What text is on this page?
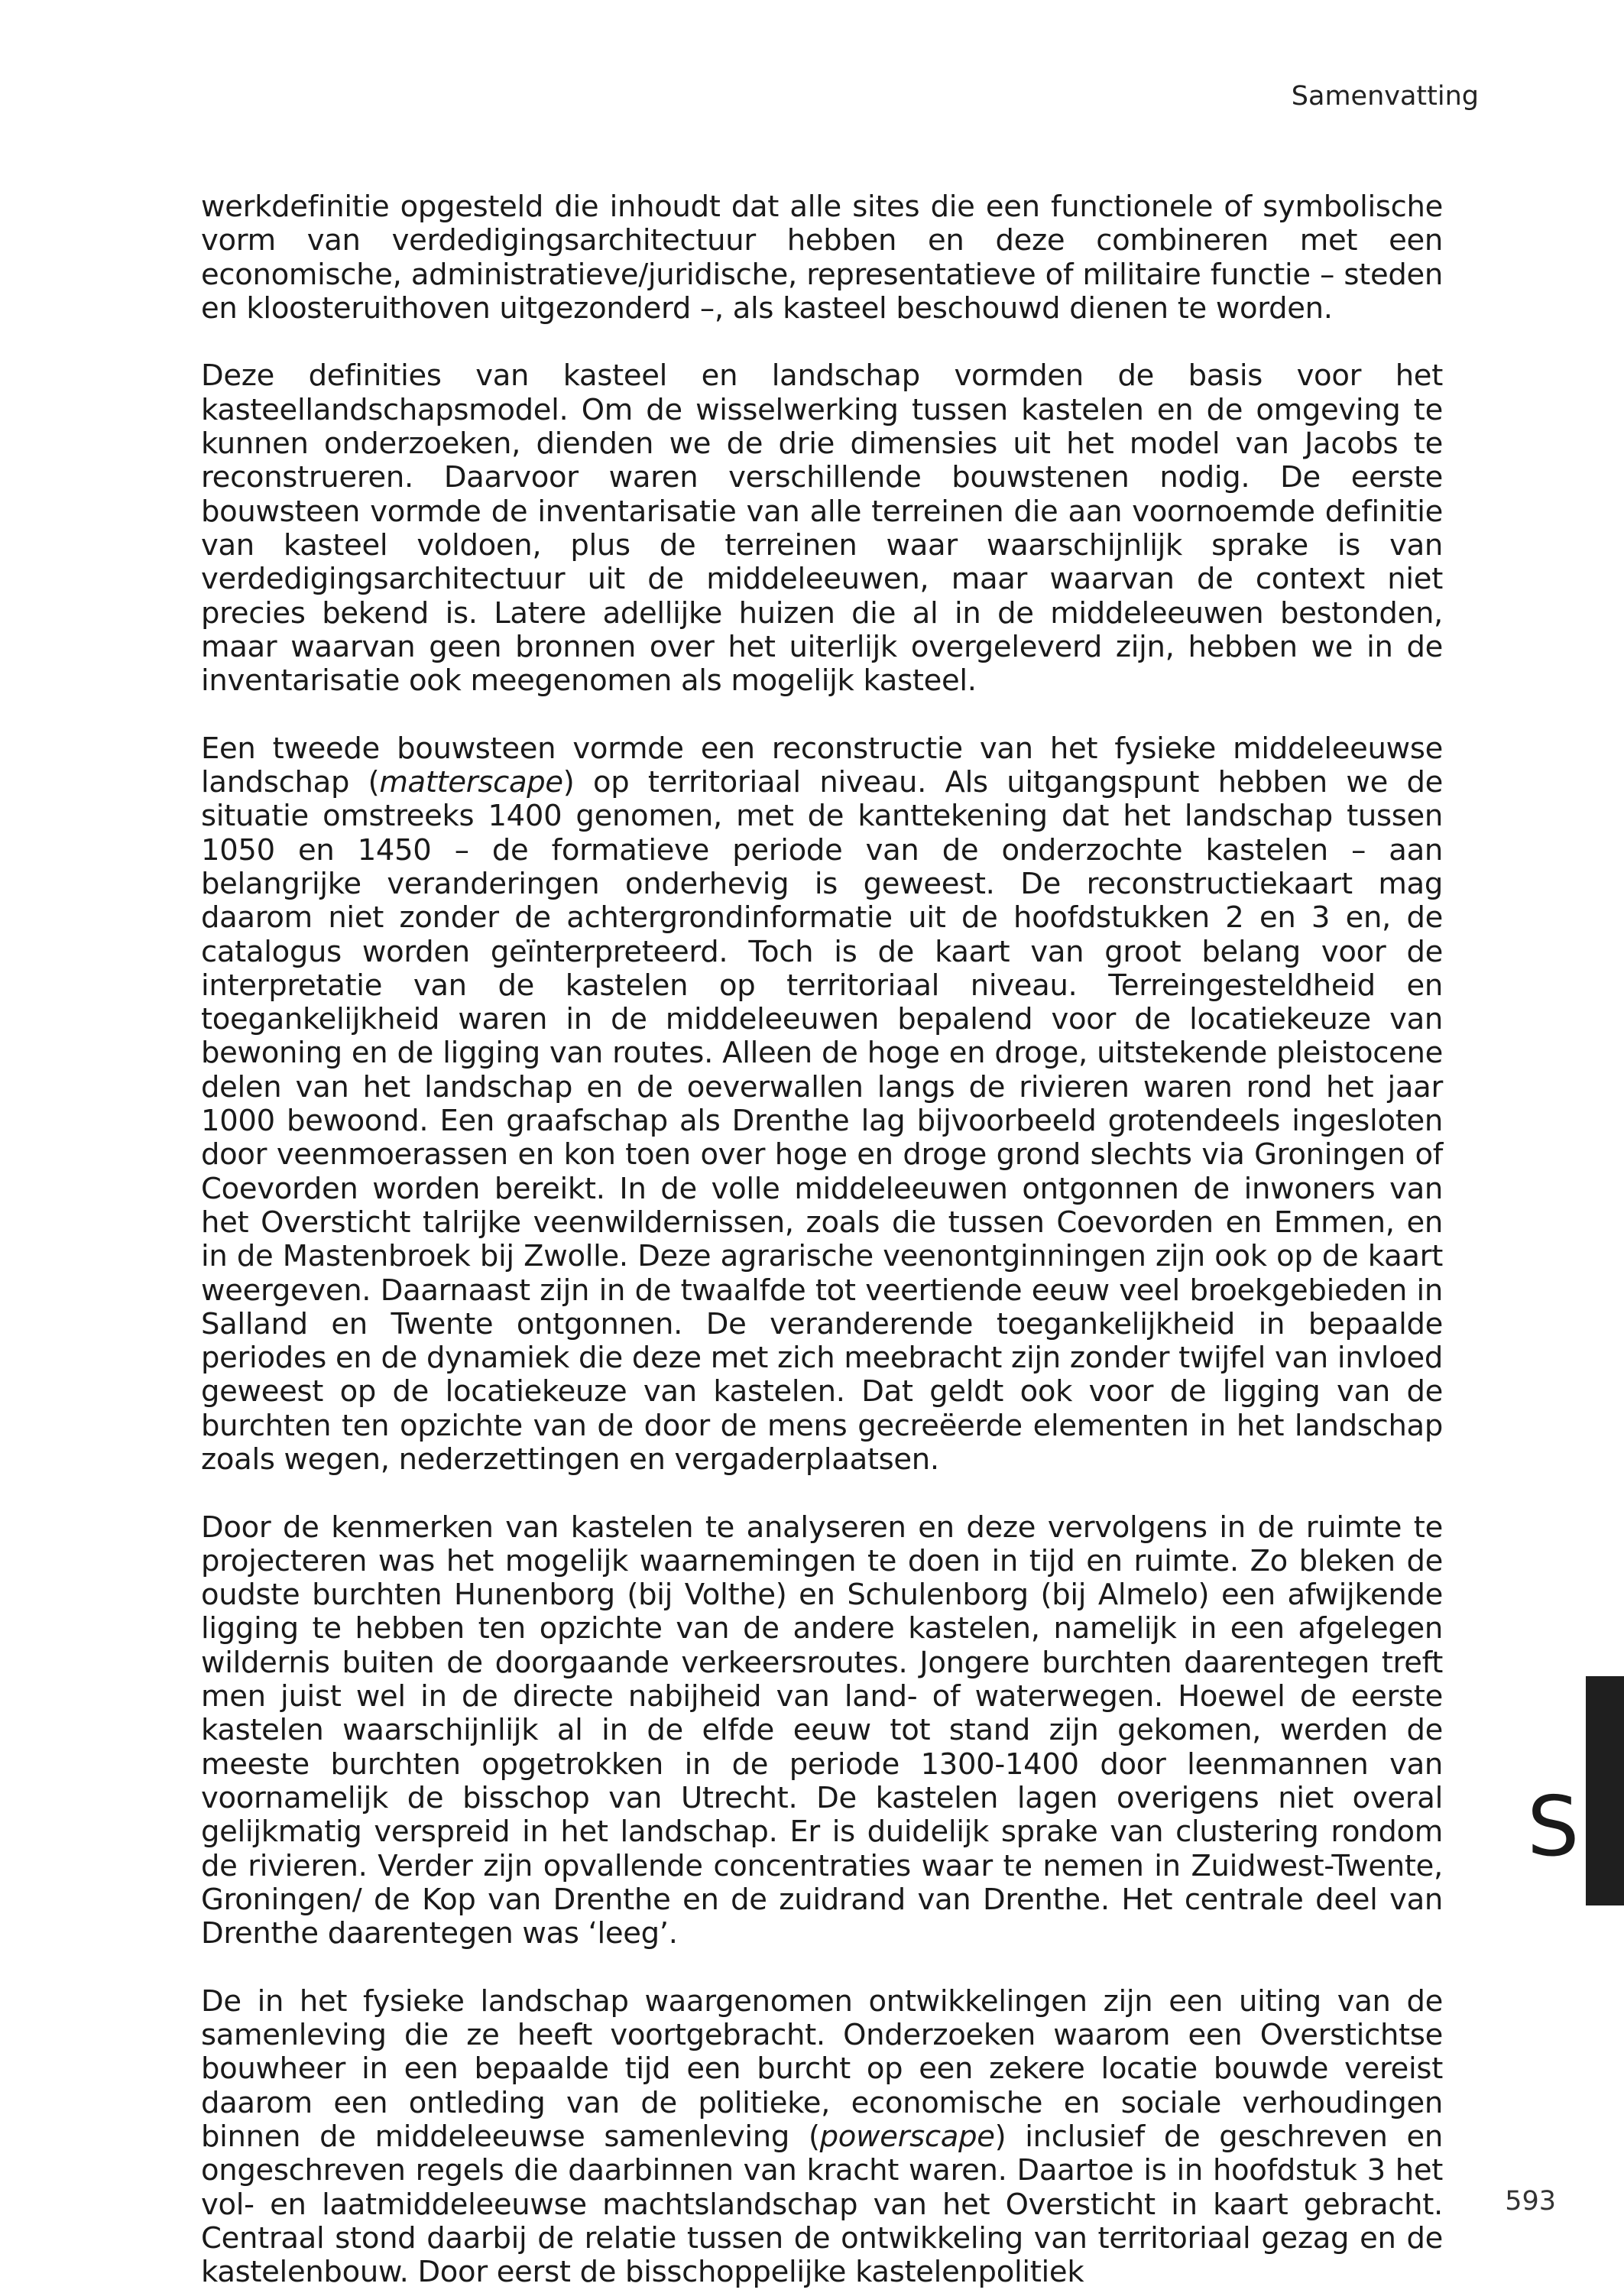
Samenvatting

werkdefinitie opgesteld die inhoudt dat alle sites die een functionele of symbolische vorm van verdedigingsarchitectuur hebben en deze combineren met een economische, administratieve/juridische, representatieve of militaire functie – steden en kloosteruithoven uitgezonderd –, als kasteel beschouwd dienen te worden.

Deze definities van kasteel en landschap vormden de basis voor het kasteellandschapsmodel. Om de wisselwerking tussen kastelen en de omgeving te kunnen onderzoeken, dienden we de drie dimensies uit het model van Jacobs te reconstrueren. Daarvoor waren verschillende bouwstenen nodig. De eerste bouwsteen vormde de inventarisatie van alle terreinen die aan voornoemde definitie van kasteel voldoen, plus de terreinen waar waarschijnlijk sprake is van verdedigingsarchitectuur uit de middeleeuwen, maar waarvan de context niet precies bekend is. Latere adellijke huizen die al in de middeleeuwen bestonden, maar waarvan geen bronnen over het uiterlijk overgeleverd zijn, hebben we in de inventarisatie ook meegenomen als mogelijk kasteel.

Een tweede bouwsteen vormde een reconstructie van het fysieke middeleeuwse landschap (matterscape) op territoriaal niveau. Als uitgangspunt hebben we de situatie omstreeks 1400 genomen, met de kanttekening dat het landschap tussen 1050 en 1450 – de formatieve periode van de onderzochte kastelen – aan belangrijke veranderingen onderhevig is geweest. De reconstructiekaart mag daarom niet zonder de achtergrondinformatie uit de hoofdstukken 2 en 3 en, de catalogus worden geïnterpreteerd. Toch is de kaart van groot belang voor de interpretatie van de kastelen op territoriaal niveau. Terreingesteldheid en toegankelijkheid waren in de middeleeuwen bepalend voor de locatiekeuze van bewoning en de ligging van routes. Alleen de hoge en droge, uitstekende pleistocene delen van het landschap en de oeverwallen langs de rivieren waren rond het jaar 1000 bewoond. Een graafschap als Drenthe lag bijvoorbeeld grotendeels ingesloten door veenmoerassen en kon toen over hoge en droge grond slechts via Groningen of Coevorden worden bereikt. In de volle middeleeuwen ontgonnen de inwoners van het Oversticht talrijke veenwildernissen, zoals die tussen Coevorden en Emmen, en in de Mastenbroek bij Zwolle. Deze agrarische veenontginningen zijn ook op de kaart weergeven. Daarnaast zijn in de twaalfde tot veertiende eeuw veel broekgebieden in Salland en Twente ontgonnen. De veranderende toegankelijkheid in bepaalde periodes en de dynamiek die deze met zich meebracht zijn zonder twijfel van invloed geweest op de locatiekeuze van kastelen. Dat geldt ook voor de ligging van de burchten ten opzichte van de door de mens gecreëerde elementen in het landschap zoals wegen, nederzettingen en vergaderplaatsen.

Door de kenmerken van kastelen te analyseren en deze vervolgens in de ruimte te projecteren was het mogelijk waarnemingen te doen in tijd en ruimte. Zo bleken de oudste burchten Hunenborg (bij Volthe) en Schulenborg (bij Almelo) een afwijkende ligging te hebben ten opzichte van de andere kastelen, namelijk in een afgelegen wildernis buiten de doorgaande verkeersroutes. Jongere burchten daarentegen treft men juist wel in de directe nabijheid van land- of waterwegen. Hoewel de eerste kastelen waarschijnlijk al in de elfde eeuw tot stand zijn gekomen, werden de meeste burchten opgetrokken in de periode 1300-1400 door leenmannen van voornamelijk de bisschop van Utrecht. De kastelen lagen overigens niet overal gelijkmatig verspreid in het landschap. Er is duidelijk sprake van clustering rondom de rivieren. Verder zijn opvallende concentraties waar te nemen in Zuidwest-Twente, Groningen/ de Kop van Drenthe en de zuidrand van Drenthe. Het centrale deel van Drenthe daarentegen was ‘leeg’.

De in het fysieke landschap waargenomen ontwikkelingen zijn een uiting van de samenleving die ze heeft voortgebracht. Onderzoeken waarom een Overstichtse bouwheer in een bepaalde tijd een burcht op een zekere locatie bouwde vereist daarom een ontleding van de politieke, economische en sociale verhoudingen binnen de middeleeuwse samenleving (powerscape) inclusief de geschreven en ongeschreven regels die daarbinnen van kracht waren. Daartoe is in hoofdstuk 3 het vol- en laatmiddeleeuwse machtslandschap van het Oversticht in kaart gebracht. Centraal stond daarbij de relatie tussen de ontwikkeling van territoriaal gezag en de kastelenbouw. Door eerst de bisschoppelijke kastelenpolitiek

S
593
